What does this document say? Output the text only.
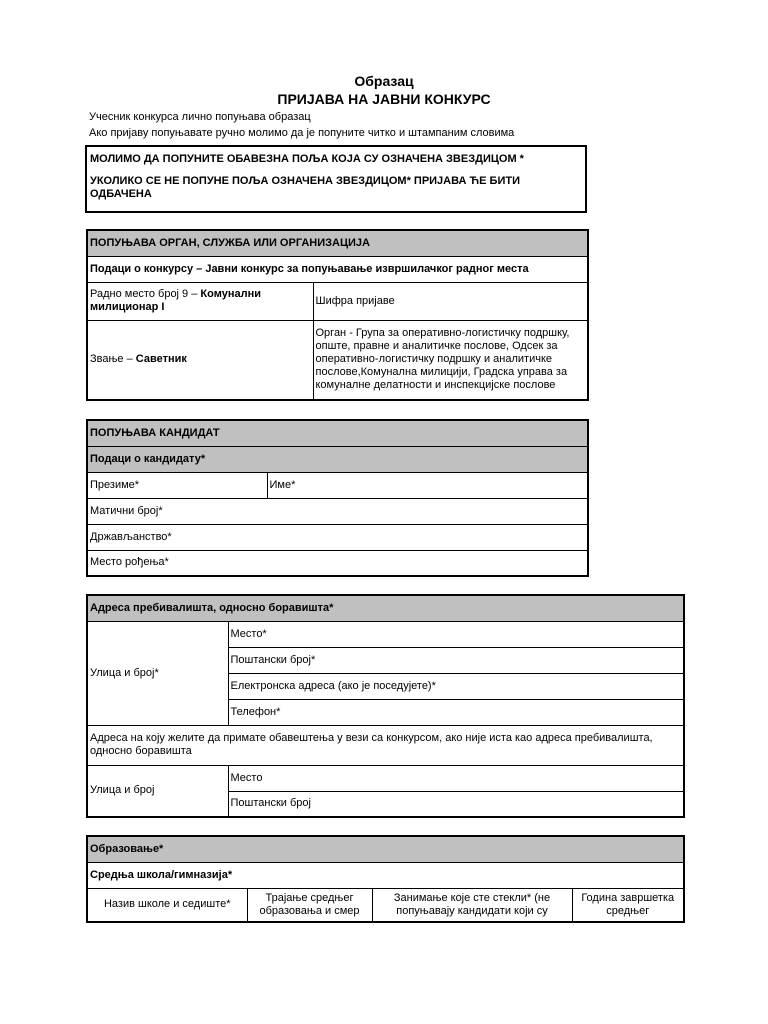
Образац
ПРИЈАВА НА ЈАВНИ КОНКУРС
Учесник конкурса лично попуњава образац
Ако пријаву попуњавате ручно молимо да је попуните читко и штампаним словима

МОЛИМО ДА ПОПУНИТЕ ОБАВЕЗНА ПОЉА КОЈА СУ ОЗНАЧЕНА ЗВЕЗДИЦОМ *

УКОЛИКО СЕ НЕ ПОПУНЕ ПОЉА ОЗНАЧЕНА ЗВЕЗДИЦОМ* ПРИЈАВА ЋЕ БИТИ ОДБАЧЕНА

ПОПУЊАВА ОРГАН, СЛУЖБА ИЛИ ОРГАНИЗАЦИЈА	
Подаци о конкурсу – Јавни конкурс за попуњавање извршилачког радног места	
Радно место број 9 – Комунални милиционар I	Шифра пријаве
Звање – Саветник	Орган - Група за оперативно-логистичку подршку, опште, правне и аналитичке послове, Одсек за оперативно-логистичку подршку и аналитичке послове,Комунална милицији, Градска управа за комуналне делатности и инспекцијске послове
ПОПУЊАВА КАНДИДАТ
Подаци о кандидату*
Презиме*	Име*
Матични број*
Држављанство*
Место рођења*
Адреса пребивалишта, односно боравишта*	
Улица и број*	Место*
	Поштански број*
	Електронска адреса (ако је поседујете)*
	Телефон*
Адреса на коју желите да примате обавештења у вези са конкурсом, ако није иста као адреса пребивалишта, односно боравишта	
Улица и број	Место
	Поштански број
Образовање*
Средња школа/гимназија*
Назив школе и седиште*	Трајање средњег образовања и смер	Занимање које сте стекли* (не попуњавају кандидати који су	Година завршетка средњег
